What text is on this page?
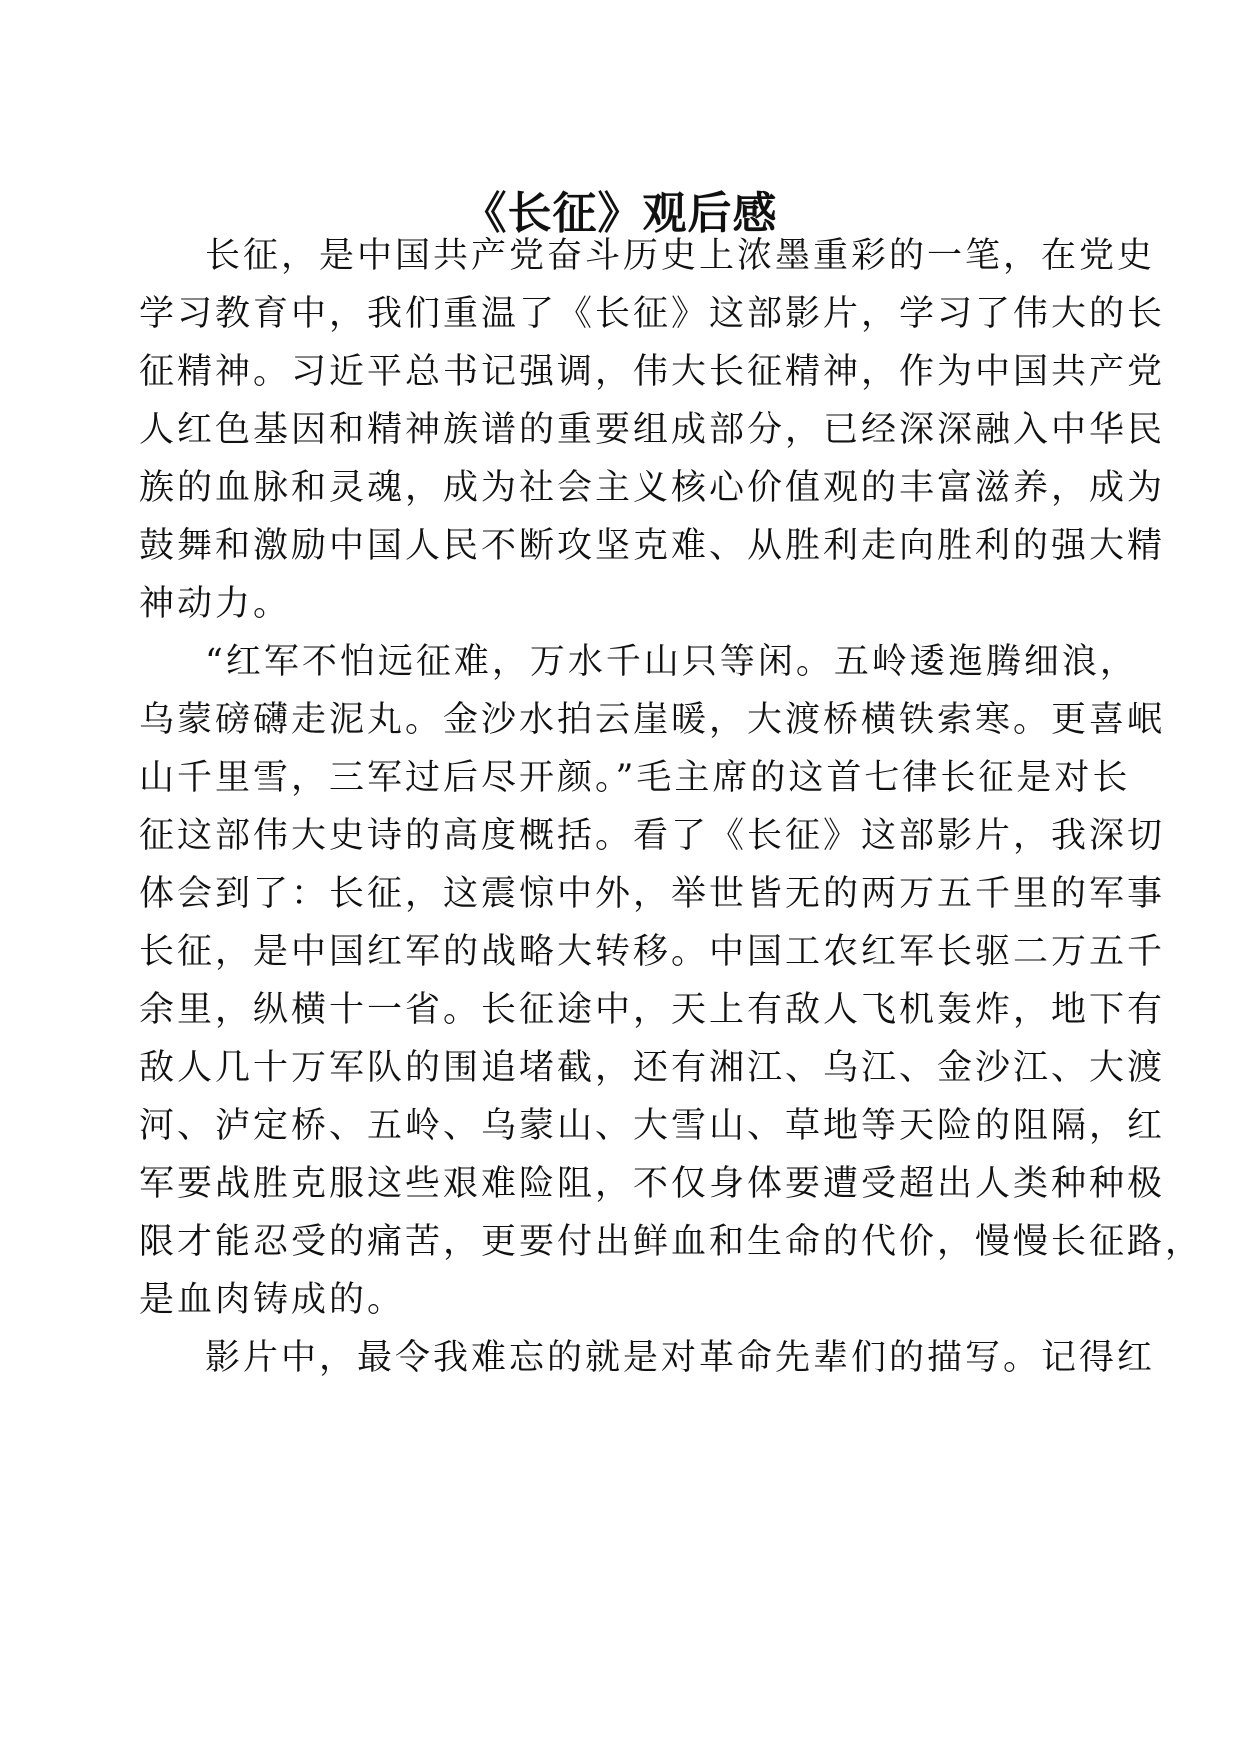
《长征》观后感

长征，是中国共产党奋斗历史上浓墨重彩的一笔，在党史

学习教育中，我们重温了《长征》这部影片，学习了伟大的长

征精神。习近平总书记强调，伟大长征精神，作为中国共产党

人红色基因和精神族谱的重要组成部分，已经深深融入中华民

族的血脉和灵魂，成为社会主义核心价值观的丰富滋养，成为

鼓舞和激励中国人民不断攻坚克难、从胜利走向胜利的强大精

神动力。

“红军不怕远征难，万水千山只等闲。五岭逶迤腾细浪，

乌蒙磅礴走泥丸。金沙水拍云崖暖，大渡桥横铁索寒。更喜岷

山千里雪，三军过后尽开颜。”毛主席的这首七律长征是对长

征这部伟大史诗的高度概括。看了《长征》这部影片，我深切

体会到了：长征，这震惊中外，举世皆无的两万五千里的军事

长征，是中国红军的战略大转移。中国工农红军长驱二万五千

余里，纵横十一省。长征途中，天上有敌人飞机轰炸，地下有

敌人几十万军队的围追堵截，还有湘江、乌江、金沙江、大渡

河、泸定桥、五岭、乌蒙山、大雪山、草地等天险的阻隔，红

军要战胜克服这些艰难险阻，不仅身体要遭受超出人类种种极

限才能忍受的痛苦，更要付出鲜血和生命的代价，慢慢长征路，

是血肉铸成的。

影片中，最令我难忘的就是对革命先辈们的描写。记得红
